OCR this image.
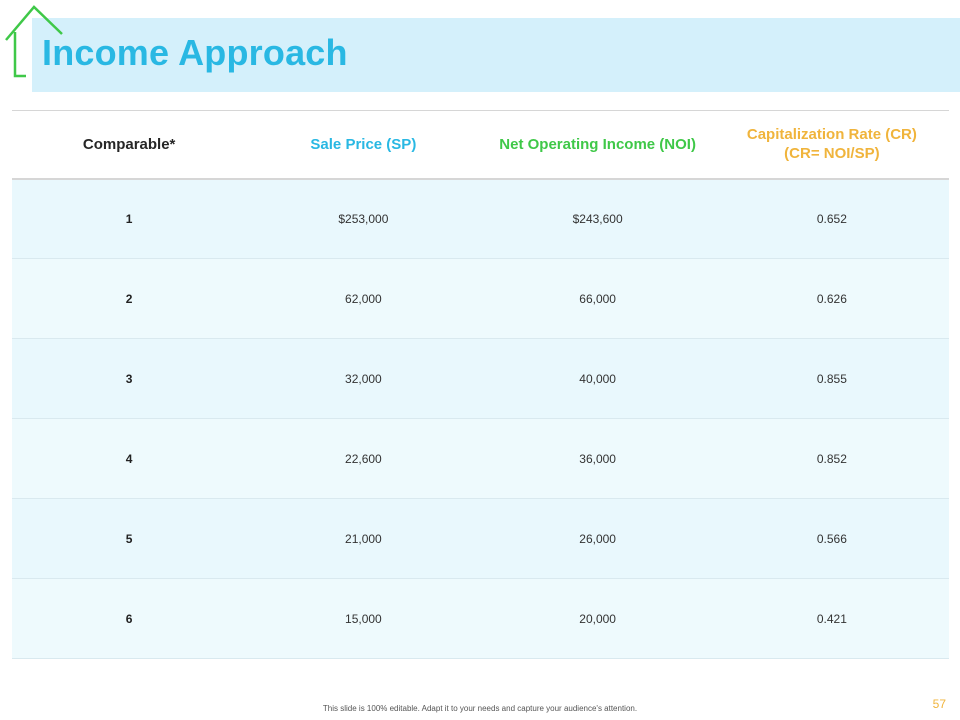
Income Approach
Comparable*	Sale Price (SP)	Net Operating Income (NOI)	Capitalization Rate (CR)
(CR= NOI/SP)
1	$253,000	$243,600	0.652
2	62,000	66,000	0.626
3	32,000	40,000	0.855
4	22,600	36,000	0.852
5	21,000	26,000	0.566
6	15,000	20,000	0.421
This slide is 100% editable. Adapt it to your needs and capture your audience's attention.	57
